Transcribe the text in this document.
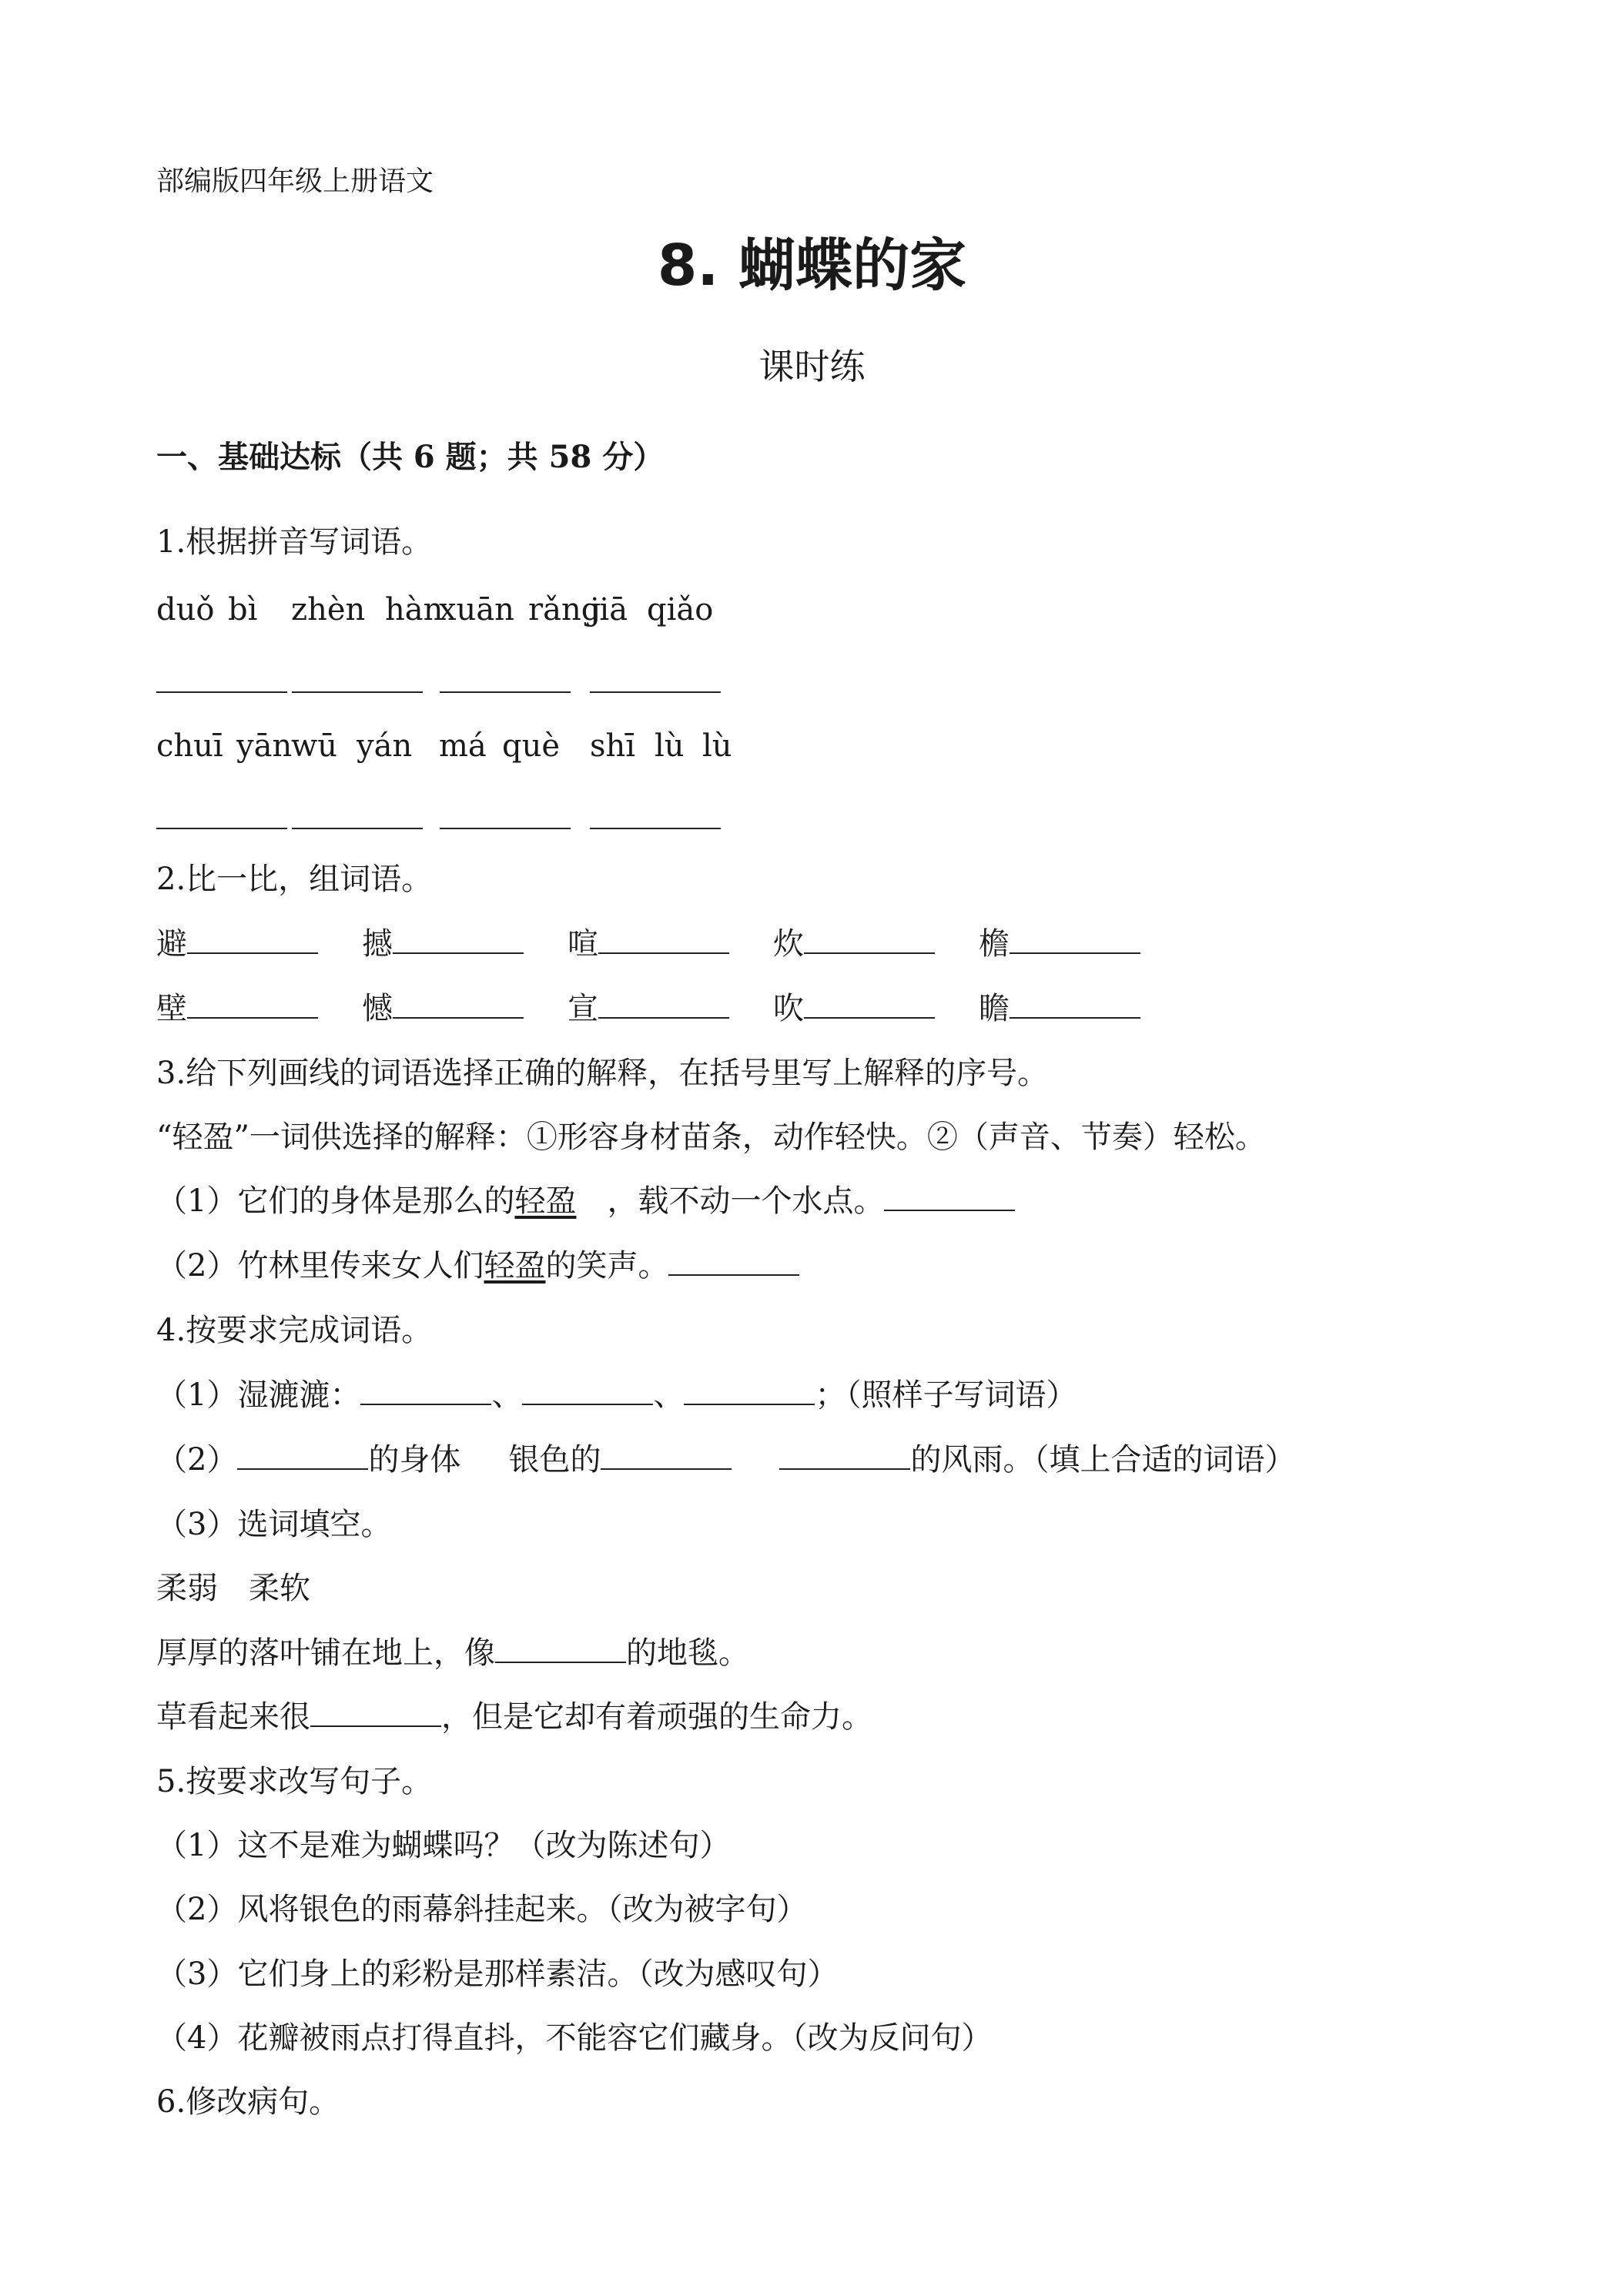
部编版四年级上册语文
8. 蝴蝶的家
课时练
一、基础达标（共 6 题；共 58 分）
1.根据拼音写词语。
duǒ bì zhèn hàn
xuān rǎng
jiā qiǎo
chuī yān
wū yán má què shī lù lù
2.比一比，组词语。
避	撼	喧	炊	檐
壁	憾	宣	吹	瞻
3.给下列画线的词语选择正确的解释，在括号里写上解释的序号。
“轻盈”一词供选择的解释：①形容身材苗条，动作轻快。②（声音、节奏）轻松。
（1）它们的身体是那么的轻盈 ，载不动一个水点。
（2）竹林里传来女人们轻盈的笑声。
4.按要求完成词语。
（1）湿漉漉：	、	、	；（照样子写词语）
（2）	的身体 银色的	的风雨。（填上合适的词语）
（3）选词填空。
柔弱　柔软
厚厚的落叶铺在地上，像	的地毯。
草看起来很	，但是它却有着顽强的生命力。
5.按要求改写句子。
（1）这不是难为蝴蝶吗？（改为陈述句）
（2）风将银色的雨幕斜挂起来。（改为被字句）
（3）它们身上的彩粉是那样素洁。（改为感叹句）
（4）花瓣被雨点打得直抖，不能容它们藏身。（改为反问句）
6.修改病句。
